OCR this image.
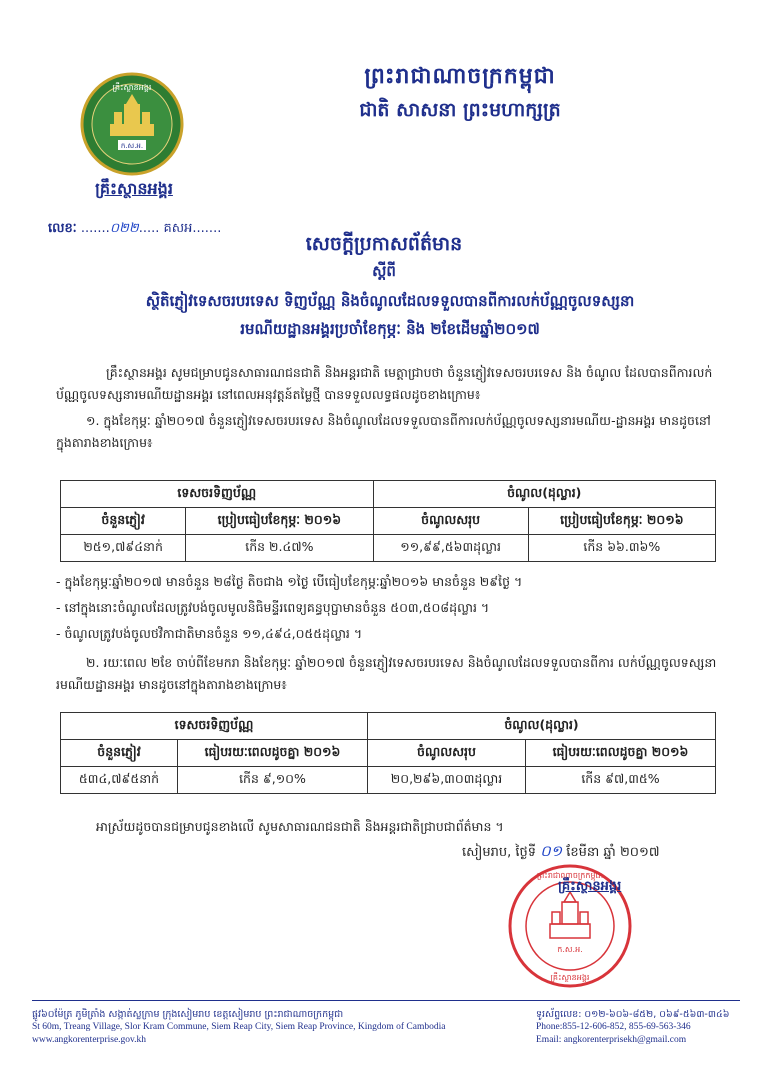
ព្រះរាជាណាចក្រកម្ពុជា
ជាតិ សាសនា ព្រះមហាក្សត្រ
ក.ស.អ.
គ្រឹះស្ថានអង្គរ
គ្រឹះស្ថានអង្គរ
លេខៈ .......០២២..... គសអ.......
សេចក្តីប្រកាសព័ត៌មាន
ស្តីពី
ស្ថិតិភ្ញៀវទេសចរបរទេស ទិញប័ណ្ណ និងចំណូលដែលទទួលបានពីការលក់ប័ណ្ណចូលទស្សនា
រមណីយដ្ឋានអង្គរប្រចាំខែកុម្ភៈ និង ២ខែដើមឆ្នាំ២០១៧
គ្រឹះស្ថានអង្គរ សូមជម្រាបជូនសាធារណជនជាតិ និងអន្តរជាតិ មេត្តាជ្រាបថា ចំនួនភ្ញៀវទេសចរបរទេស និង ចំណូល ដែលបានពីការលក់ប័ណ្ណចូលទស្សនារមណីយដ្ឋានអង្គរ នៅពេលអនុវត្តន៍តម្លៃថ្មី បានទទួលលទ្ធផលដូចខាងក្រោម៖
១. ក្នុងខែកុម្ភៈ ឆ្នាំ២០១៧ ចំនួនភ្ញៀវទេសចរបរទេស និងចំណូលដែលទទួលបានពីការលក់ប័ណ្ណចូលទស្សនារមណីយ-ដ្ឋានអង្គរ មានដូចនៅក្នុងតារាងខាងក្រោម៖
ទេសចរទិញប័ណ្ណ		ចំណូល(ដុល្លារ)	
ចំនួនភ្ញៀវ	ប្រៀបធៀបខែកុម្ភៈ ២០១៦	ចំណូលសរុប	ប្រៀបធៀបខែកុម្ភៈ ២០១៦
២៥១,៧៩៤នាក់	កើន ២.៤៧%	១១,៩៩,៥៦៣ដុល្លារ	កើន ៦៦.៣៦%
- ក្នុងខែកុម្ភៈឆ្នាំ២០១៧ មានចំនួន ២៨ថ្ងៃ តិចជាង ១ថ្ងៃ បើធៀបខែកុម្ភៈឆ្នាំ២០១៦ មានចំនួន ២៩ថ្ងៃ ។
- នៅក្នុងនោះចំណូលដែលត្រូវបង់ចូលមូលនិធិមន្ទីរពេទ្យគន្ធបុប្ផាមានចំនួន ៥០៣,៥០៨ដុល្លារ ។
- ចំណូលត្រូវបង់ចូលថវិកាជាតិមានចំនួន ១១,៤៩៤,០៥៥ដុល្លារ ។
២. រយៈពេល ២ខែ ចាប់ពីខែមករា និងខែកុម្ភៈ ឆ្នាំ២០១៧ ចំនួនភ្ញៀវទេសចរបរទេស និងចំណូលដែលទទួលបានពីការ លក់ប័ណ្ណចូលទស្សនារមណីយដ្ឋានអង្គរ មានដូចនៅក្នុងតារាងខាងក្រោម៖
ទេសចរទិញប័ណ្ណ		ចំណូល(ដុល្លារ)	
ចំនួនភ្ញៀវ	ធៀបរយៈពេលដូចគ្នា ២០១៦	ចំណូលសរុប	ធៀបរយៈពេលដូចគ្នា ២០១៦
៥៣៤,៧៩៥នាក់	កើន ៩,១០%	២០,២៩៦,៣០៣ដុល្លារ	កើន ៩៧,៣៥%
អាស្រ័យដូចបានជម្រាបជូនខាងលើ សូមសាធារណជនជាតិ និងអន្តរជាតិជ្រាបជាព័ត៌មាន ។
សៀមរាប, ថ្ងៃទី ០១ ខែមីនា ឆ្នាំ ២០១៧
ក.ស.អ.
ព្រះរាជាណាចក្រកម្ពុជា
គ្រឹះស្ថានអង្គរ
គ្រឹះស្ថានអង្គរ
ផ្លូវ៦០ម៉ែត្រ ភូមិត្រាំង សង្កាត់ស្លក្រាម ក្រុងសៀមរាប ខេត្តសៀមរាប ព្រះរាជាណាចក្រកម្ពុជា
St 60m, Treang Village, Slor Kram Commune, Siem Reap City, Siem Reap Province, Kingdom of Cambodia
www.angkorenterprise.gov.kh
ទូរស័ព្ទលេខ: ០១២-៦០៦-៨៥២, ០៦៩-៥៦៣-៣៤៦
Phone:855-12-606-852, 855-69-563-346
Email: angkorenterprisekh@gmail.com
